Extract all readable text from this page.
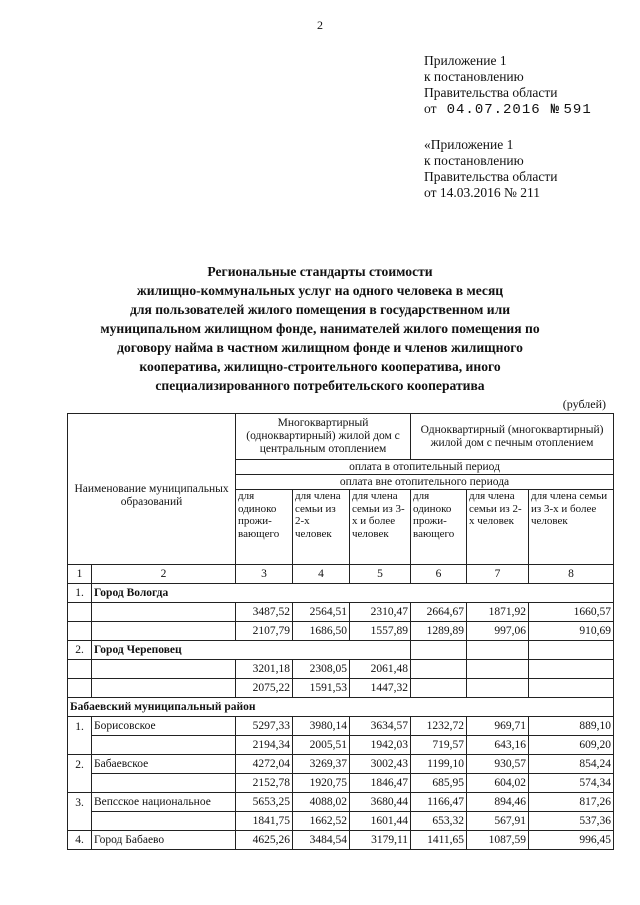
2
Приложение 1
к постановлению
Правительства области
от 04.07.2016 № 591
«Приложение 1
к постановлению
Правительства области
от 14.03.2016 № 211
Региональные стандарты стоимости
жилищно-коммунальных услуг на одного человека в месяц
для пользователей жилого помещения в государственном или
муниципальном жилищном фонде, нанимателей жилого помещения по
договору найма в частном жилищном фонде и членов жилищного
кооператива, жилищно-строительного кооператива, иного
специализированного потребительского кооператива
(рублей)
Наименование муниципальных образований		Многоквартирный (одноквартирный) жилой дом с центральным отоплением			Одноквартирный (многоквартирный) жилой дом с печным отоплением		
		оплата в отопительный период					
		оплата вне отопительного периода					
		для одиноко прожи-вающего	для члена семьи из 2-х человек	для члена семьи из 3-х и более человек	для одиноко прожи-вающего	для члена семьи из 2-х человек	для члена семьи из 3-х и более человек
1	2	3	4	5	6	7	8
1.	Город Вологда						
		3487,52	2564,51	2310,47	2664,67	1871,92	1660,57
		2107,79	1686,50	1557,89	1289,89	997,06	910,69
2.	Город Череповец						
		3201,18	2308,05	2061,48			
		2075,22	1591,53	1447,32			
Бабаевский муниципальный район							
1.	Борисовское	5297,33	3980,14	3634,57	1232,72	969,71	889,10
		2194,34	2005,51	1942,03	719,57	643,16	609,20
2.	Бабаевское	4272,04	3269,37	3002,43	1199,10	930,57	854,24
		2152,78	1920,75	1846,47	685,95	604,02	574,34
3.	Вепсское национальное	5653,25	4088,02	3680,44	1166,47	894,46	817,26
		1841,75	1662,52	1601,44	653,32	567,91	537,36
4.	Город Бабаево	4625,26	3484,54	3179,11	1411,65	1087,59	996,45
